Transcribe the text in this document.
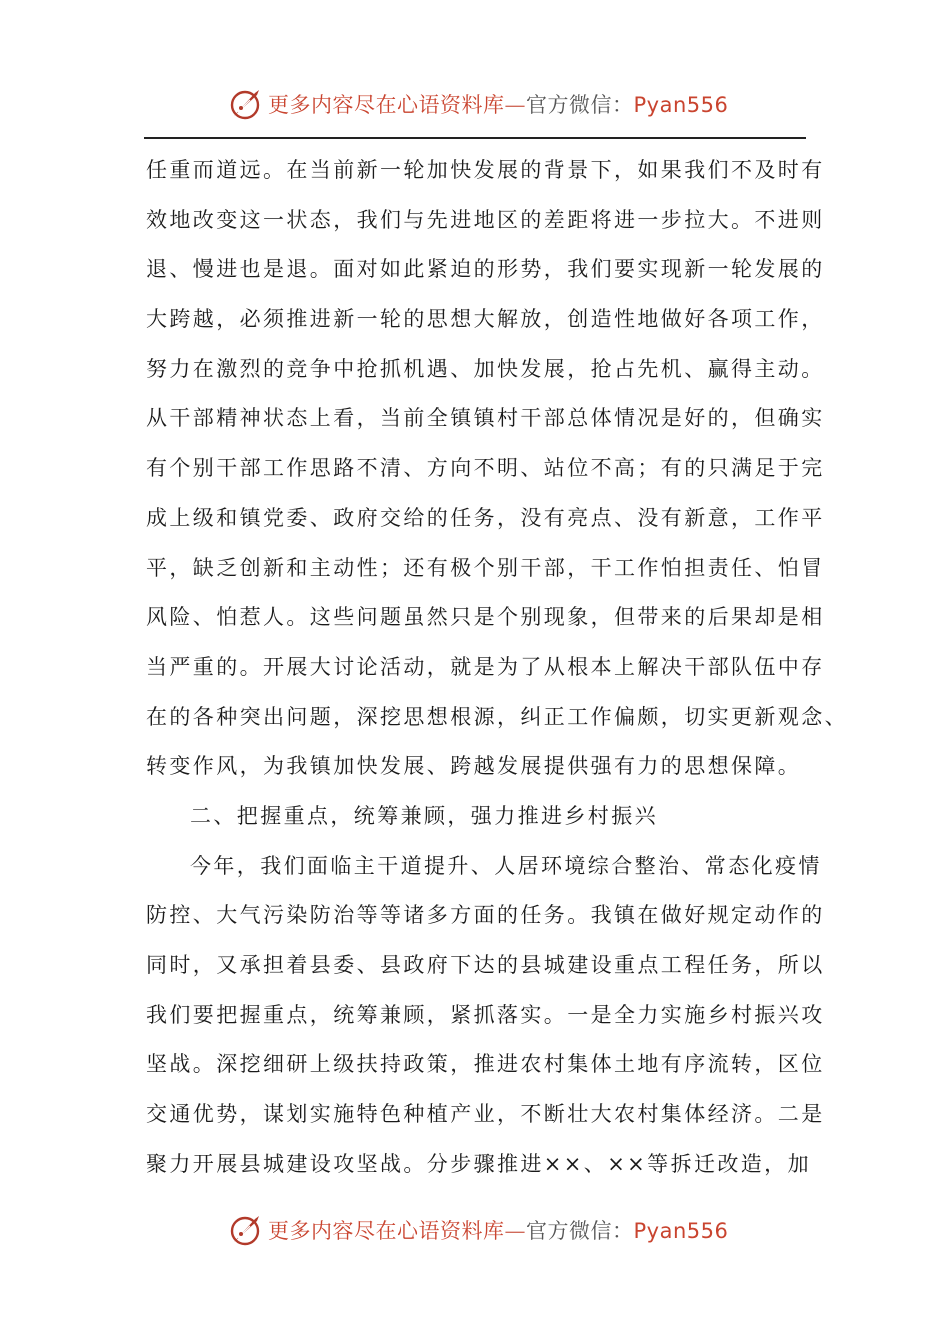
更多内容尽在心语资料库—官方微信：Pyan556
任重而道远。在当前新一轮加快发展的背景下，如果我们不及时有
效地改变这一状态，我们与先进地区的差距将进一步拉大。不进则
退、慢进也是退。面对如此紧迫的形势，我们要实现新一轮发展的
大跨越，必须推进新一轮的思想大解放，创造性地做好各项工作，
努力在激烈的竞争中抢抓机遇、加快发展，抢占先机、赢得主动。
从干部精神状态上看，当前全镇镇村干部总体情况是好的，但确实
有个别干部工作思路不清、方向不明、站位不高；有的只满足于完
成上级和镇党委、政府交给的任务，没有亮点、没有新意，工作平
平，缺乏创新和主动性；还有极个别干部，干工作怕担责任、怕冒
风险、怕惹人。这些问题虽然只是个别现象，但带来的后果却是相
当严重的。开展大讨论活动，就是为了从根本上解决干部队伍中存
在的各种突出问题，深挖思想根源，纠正工作偏颇，切实更新观念、
转变作风，为我镇加快发展、跨越发展提供强有力的思想保障。
二、把握重点，统筹兼顾，强力推进乡村振兴
今年，我们面临主干道提升、人居环境综合整治、常态化疫情
防控、大气污染防治等等诸多方面的任务。我镇在做好规定动作的
同时，又承担着县委、县政府下达的县城建设重点工程任务，所以
我们要把握重点，统筹兼顾，紧抓落实。一是全力实施乡村振兴攻
坚战。深挖细研上级扶持政策，推进农村集体土地有序流转，区位
交通优势，谋划实施特色种植产业，不断壮大农村集体经济。二是
聚力开展县城建设攻坚战。分步骤推进××、××等拆迁改造，加
更多内容尽在心语资料库—官方微信：Pyan556
